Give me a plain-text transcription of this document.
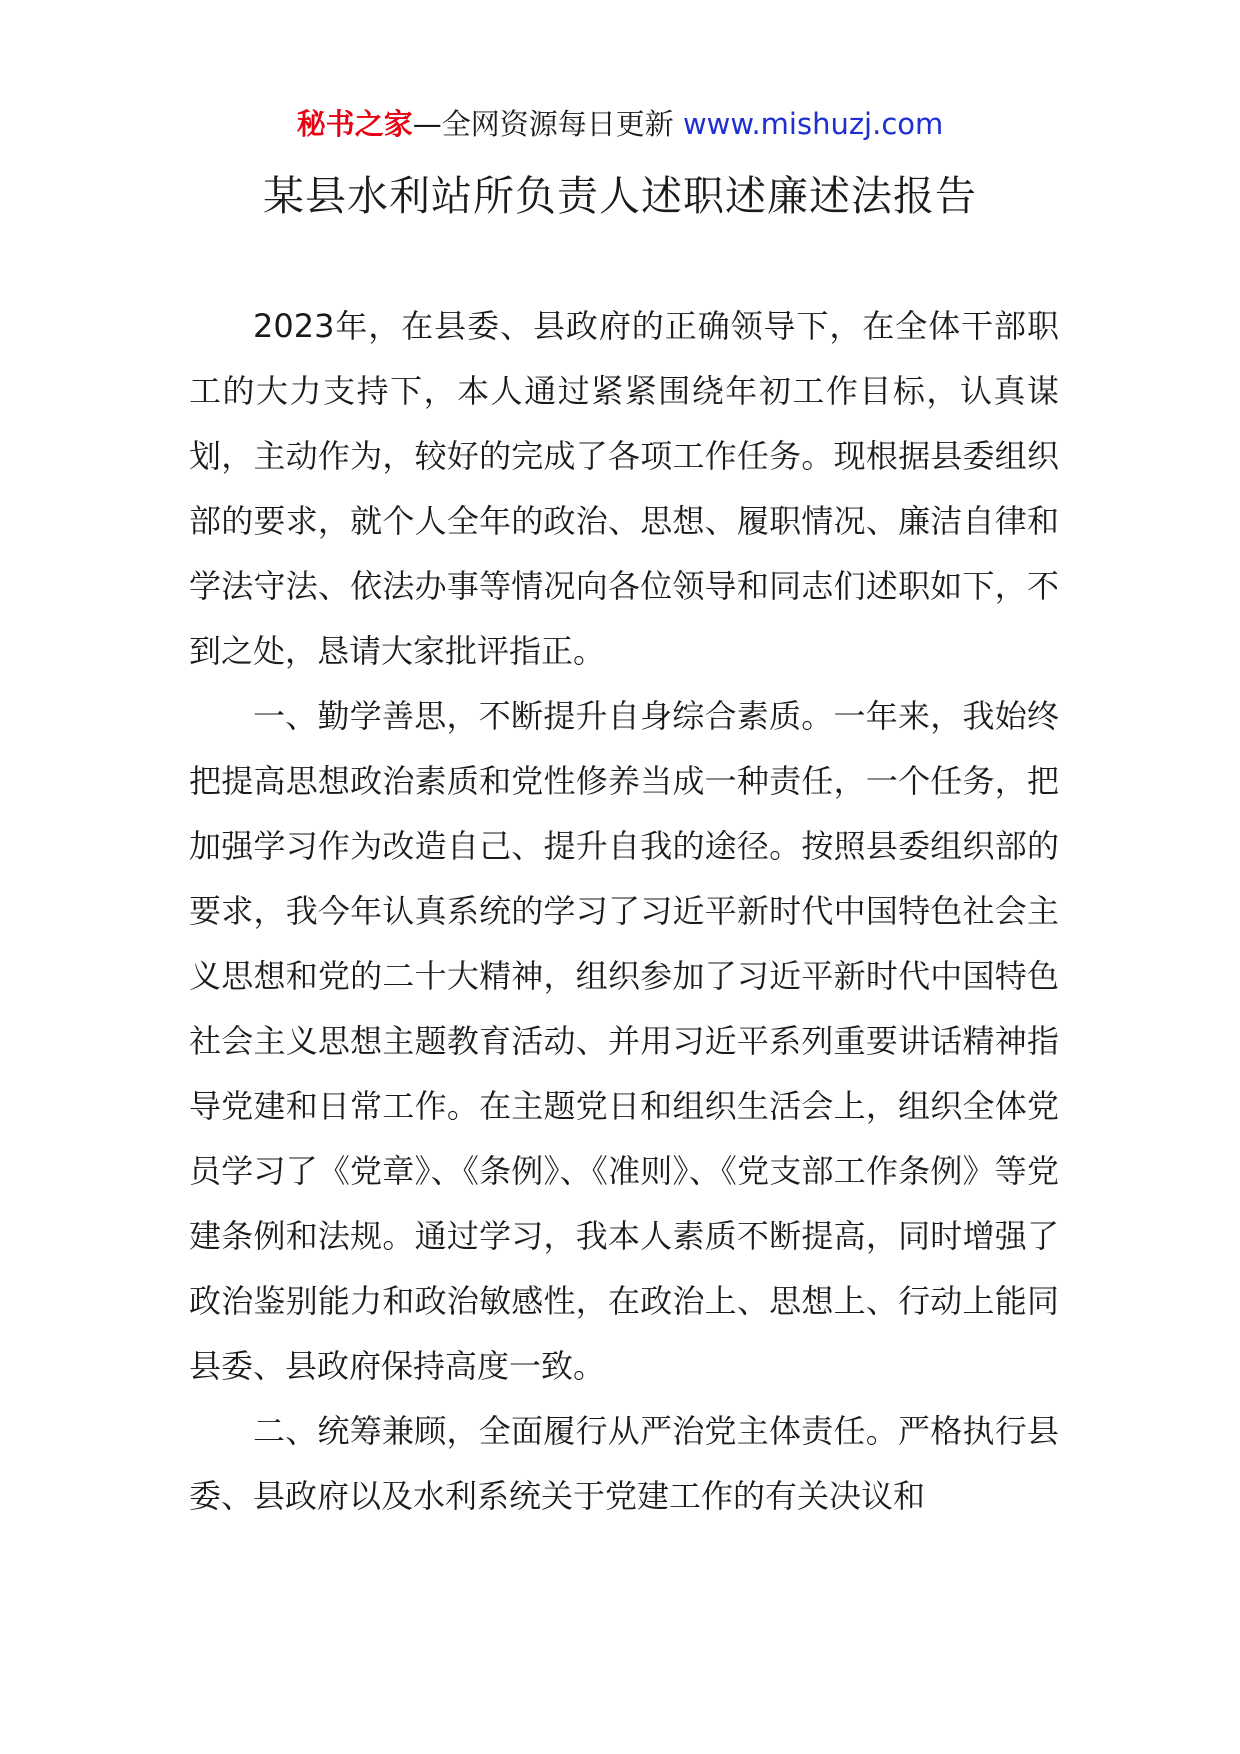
秘书之家—全网资源每日更新 www.mishuzj.com
某县水利站所负责人述职述廉述法报告

2023年，在县委、县政府的正确领导下，在全体干部职工的大力支持下，本人通过紧紧围绕年初工作目标，认真谋划，主动作为，较好的完成了各项工作任务。现根据县委组织部的要求，就个人全年的政治、思想、履职情况、廉洁自律和学法守法、依法办事等情况向各位领导和同志们述职如下，不到之处，恳请大家批评指正。

一、勤学善思，不断提升自身综合素质。一年来，我始终把提高思想政治素质和党性修养当成一种责任，一个任务，把加强学习作为改造自己、提升自我的途径。按照县委组织部的要求，我今年认真系统的学习了习近平新时代中国特色社会主义思想和党的二十大精神，组织参加了习近平新时代中国特色社会主义思想主题教育活动、并用习近平系列重要讲话精神指导党建和日常工作。在主题党日和组织生活会上，组织全体党员学习了《党章》、《条例》、《准则》、《党支部工作条例》等党建条例和法规。通过学习，我本人素质不断提高，同时增强了政治鉴别能力和政治敏感性，在政治上、思想上、行动上能同县委、县政府保持高度一致。

二、统筹兼顾，全面履行从严治党主体责任。严格执行县委、县政府以及水利系统关于党建工作的有关决议和
